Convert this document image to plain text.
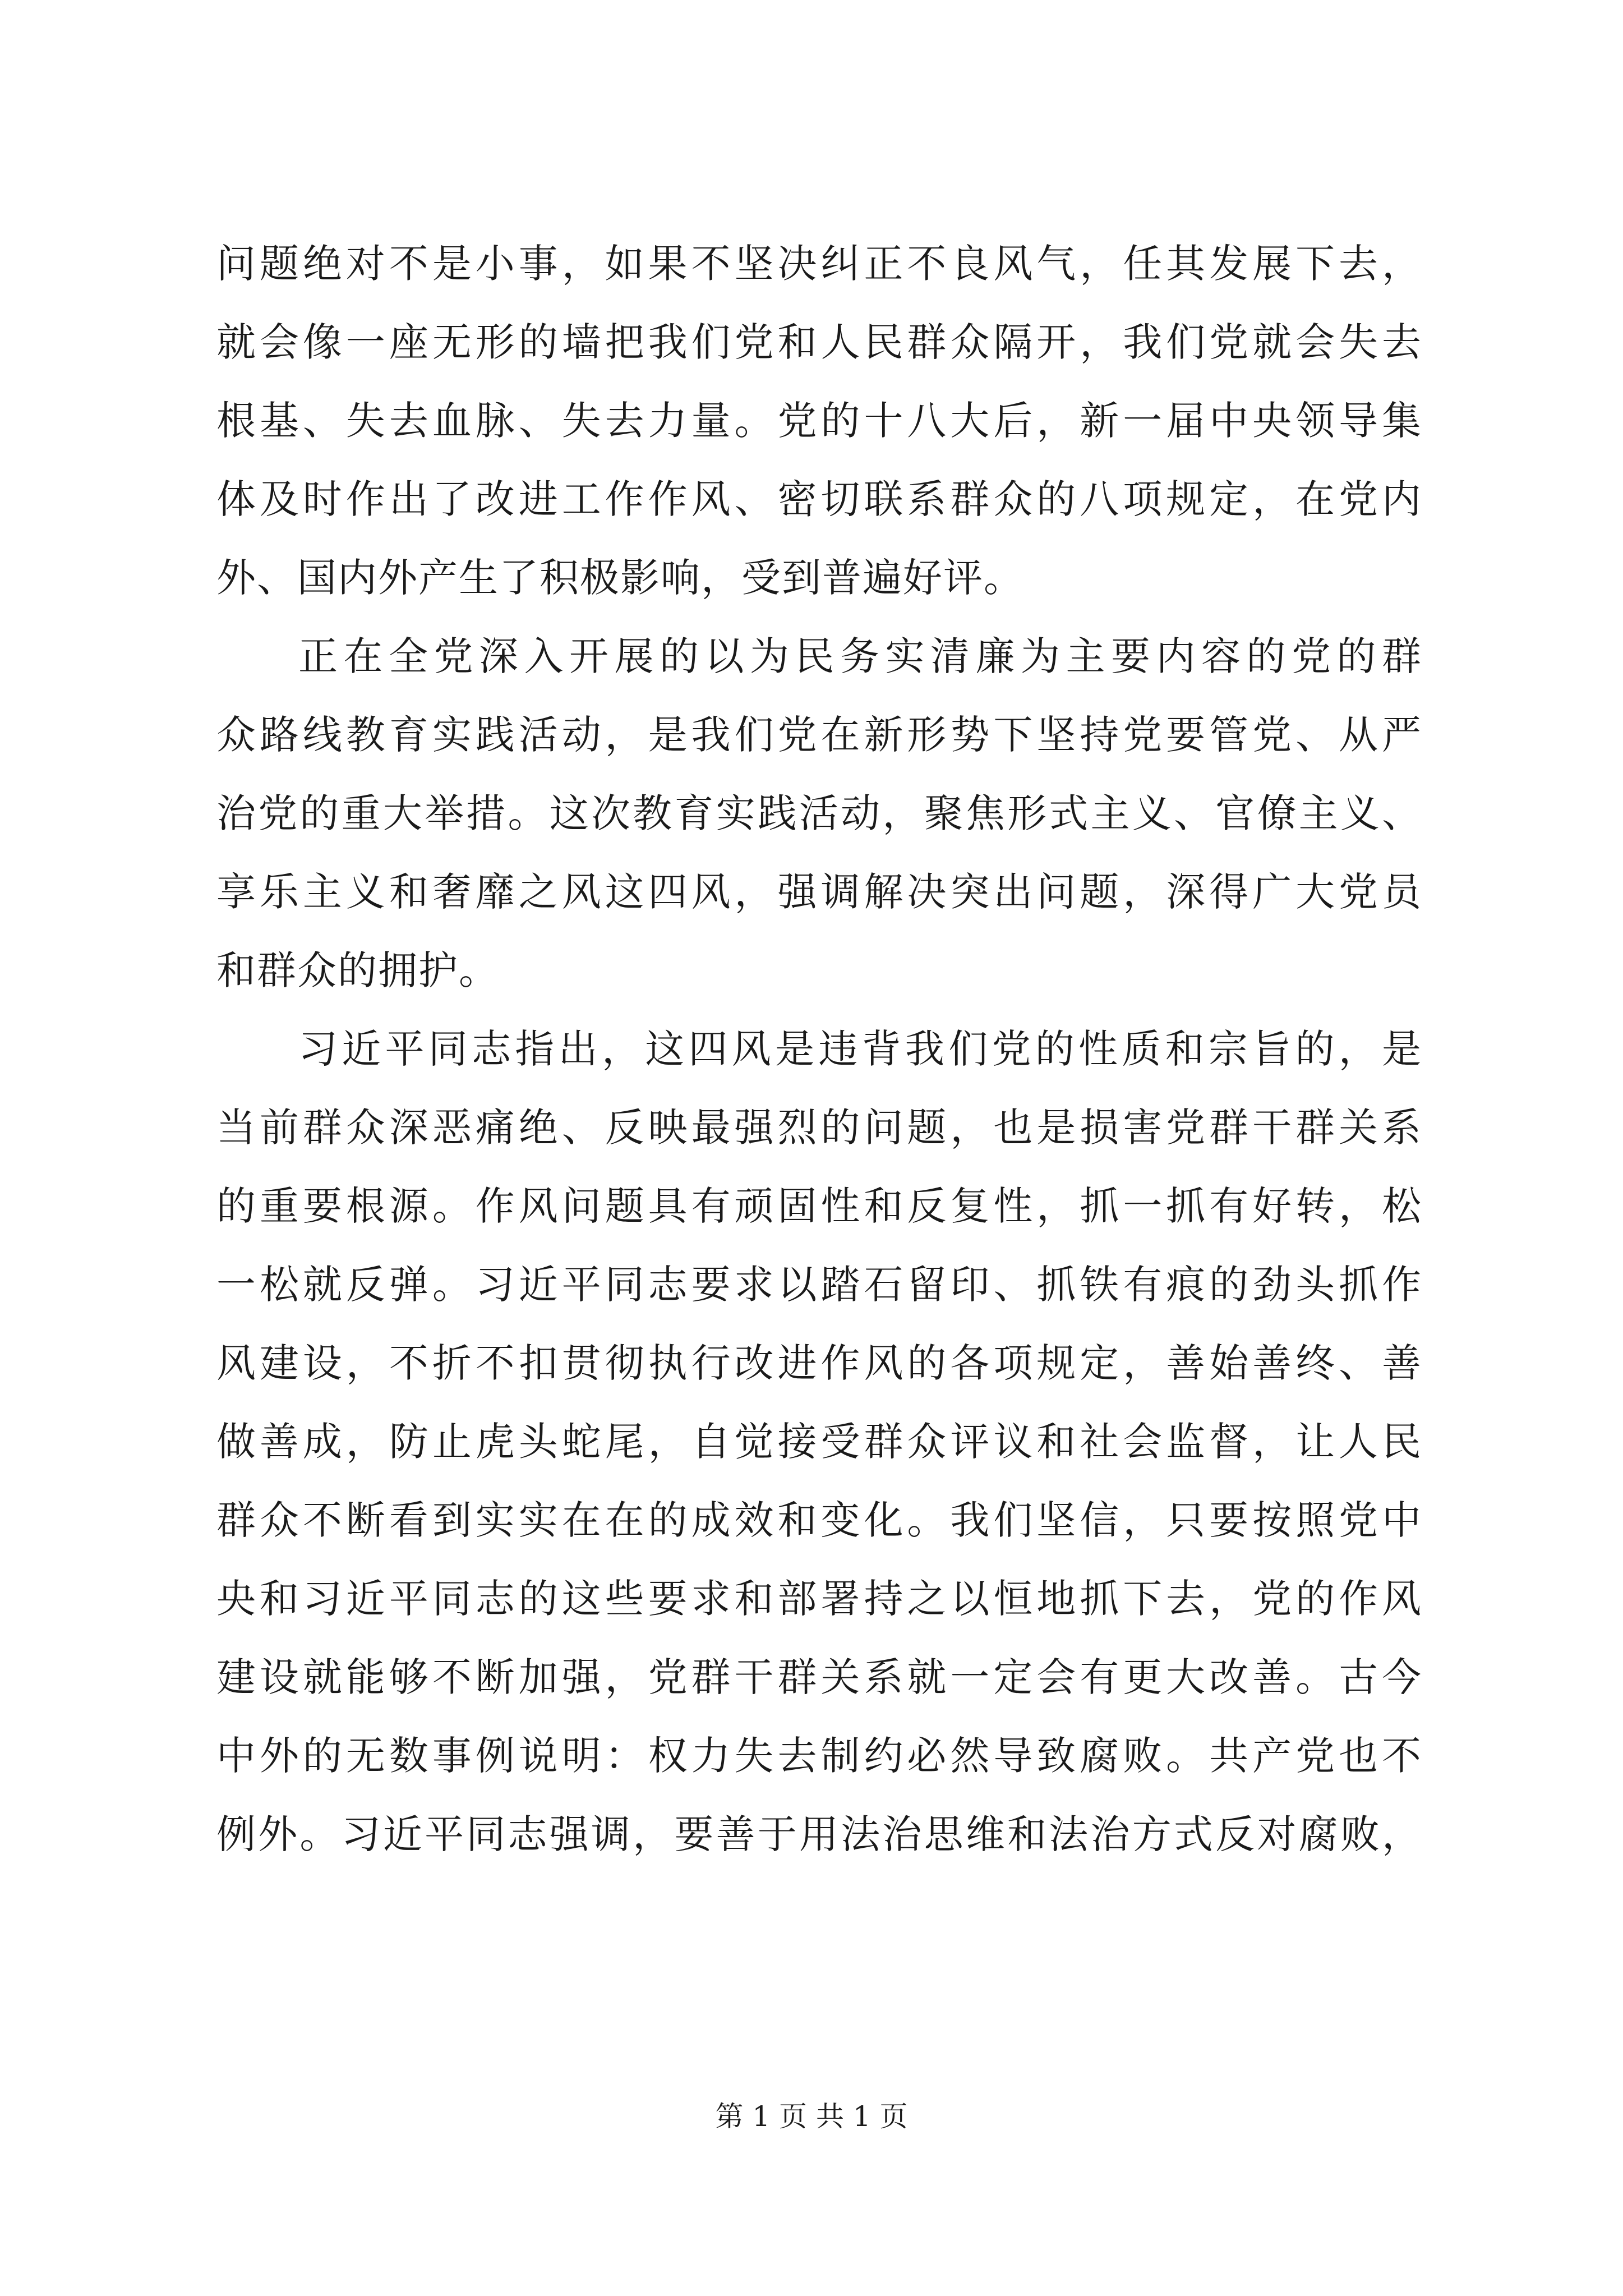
问题绝对不是小事，如果不坚决纠正不良风气，任其发展下去，
就会像一座无形的墙把我们党和人民群众隔开，我们党就会失去
根基、失去血脉、失去力量。党的十八大后，新一届中央领导集
体及时作出了改进工作作风、密切联系群众的八项规定，在党内
外、国内外产生了积极影响，受到普遍好评。
正在全党深入开展的以为民务实清廉为主要内容的党的群
众路线教育实践活动，是我们党在新形势下坚持党要管党、从严
治党的重大举措。这次教育实践活动，聚焦形式主义、官僚主义、
享乐主义和奢靡之风这四风，强调解决突出问题，深得广大党员
和群众的拥护。
习近平同志指出，这四风是违背我们党的性质和宗旨的，是
当前群众深恶痛绝、反映最强烈的问题，也是损害党群干群关系
的重要根源。作风问题具有顽固性和反复性，抓一抓有好转，松
一松就反弹。习近平同志要求以踏石留印、抓铁有痕的劲头抓作
风建设，不折不扣贯彻执行改进作风的各项规定，善始善终、善
做善成，防止虎头蛇尾，自觉接受群众评议和社会监督，让人民
群众不断看到实实在在的成效和变化。我们坚信，只要按照党中
央和习近平同志的这些要求和部署持之以恒地抓下去，党的作风
建设就能够不断加强，党群干群关系就一定会有更大改善。古今
中外的无数事例说明：权力失去制约必然导致腐败。共产党也不
例外。习近平同志强调，要善于用法治思维和法治方式反对腐败，
第 1 页 共 1 页
